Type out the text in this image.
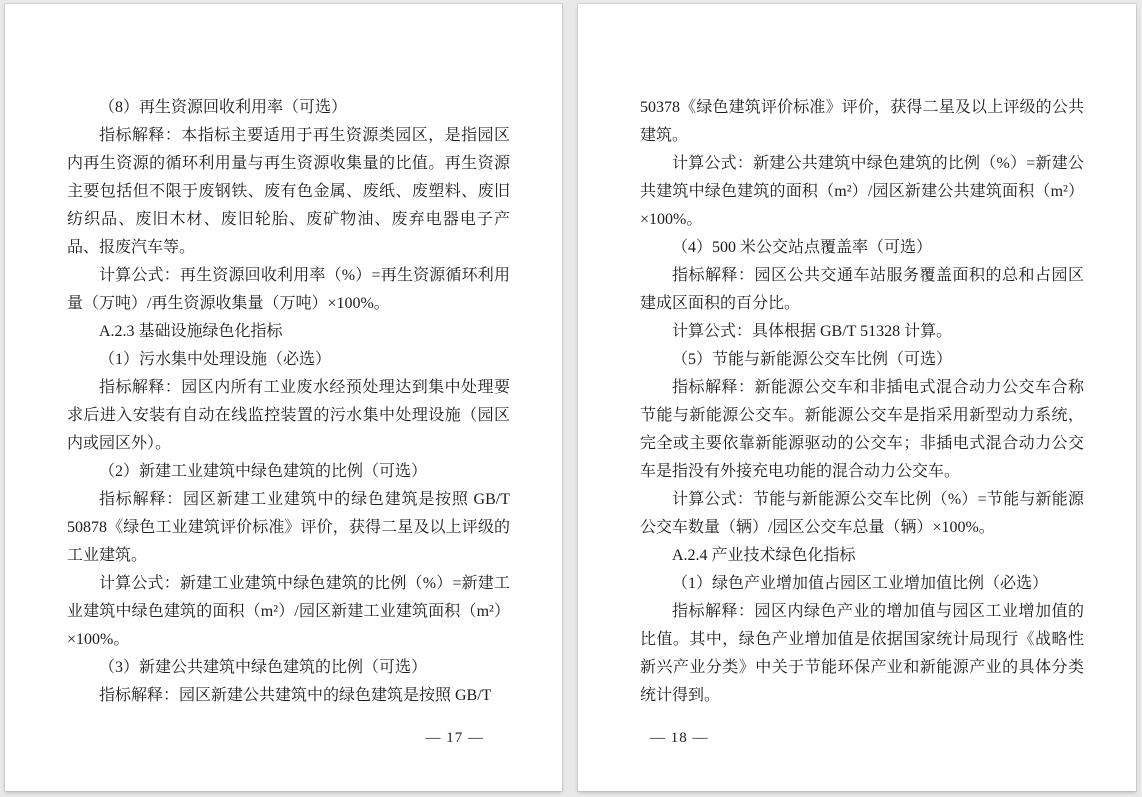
（8）再生资源回收利用率（可选）

指标解释：本指标主要适用于再生资源类园区，是指园区内再生资源的循环利用量与再生资源收集量的比值。再生资源主要包括但不限于废钢铁、废有色金属、废纸、废塑料、废旧纺织品、废旧木材、废旧轮胎、废矿物油、废弃电器电子产品、报废汽车等。

计算公式：再生资源回收利用率（%）=再生资源循环利用量（万吨）/再生资源收集量（万吨）×100%。

A.2.3 基础设施绿色化指标

（1）污水集中处理设施（必选）

指标解释：园区内所有工业废水经预处理达到集中处理要求后进入安装有自动在线监控装置的污水集中处理设施（园区内或园区外）。

（2）新建工业建筑中绿色建筑的比例（可选）

指标解释：园区新建工业建筑中的绿色建筑是按照 GB/T 50878《绿色工业建筑评价标准》评价，获得二星及以上评级的工业建筑。

计算公式：新建工业建筑中绿色建筑的比例（%）=新建工业建筑中绿色建筑的面积（m²）/园区新建工业建筑面积（m²）×100%。

（3）新建公共建筑中绿色建筑的比例（可选）

指标解释：园区新建公共建筑中的绿色建筑是按照 GB/T

— 17 —

50378《绿色建筑评价标准》评价，获得二星及以上评级的公共建筑。

计算公式：新建公共建筑中绿色建筑的比例（%）=新建公共建筑中绿色建筑的面积（m²）/园区新建公共建筑面积（m²）×100%。

（4）500 米公交站点覆盖率（可选）

指标解释：园区公共交通车站服务覆盖面积的总和占园区建成区面积的百分比。

计算公式：具体根据 GB/T 51328 计算。

（5）节能与新能源公交车比例（可选）

指标解释：新能源公交车和非插电式混合动力公交车合称节能与新能源公交车。新能源公交车是指采用新型动力系统，完全或主要依靠新能源驱动的公交车；非插电式混合动力公交车是指没有外接充电功能的混合动力公交车。

计算公式：节能与新能源公交车比例（%）=节能与新能源公交车数量（辆）/园区公交车总量（辆）×100%。

A.2.4 产业技术绿色化指标

（1）绿色产业增加值占园区工业增加值比例（必选）

指标解释：园区内绿色产业的增加值与园区工业增加值的比值。其中，绿色产业增加值是依据国家统计局现行《战略性新兴产业分类》中关于节能环保产业和新能源产业的具体分类统计得到。

— 18 —
